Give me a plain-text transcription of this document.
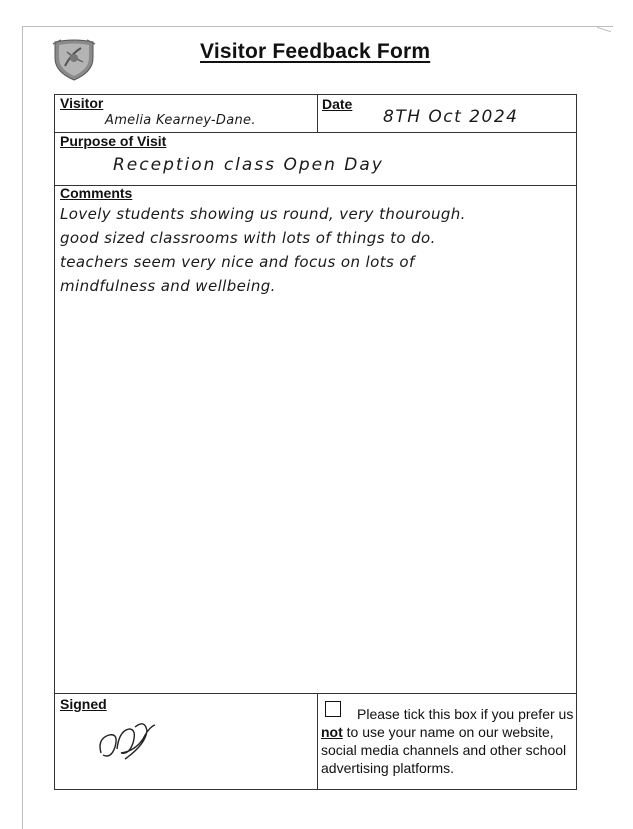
Visitor Feedback Form
Visitor
Amelia Kearney-Dane.
Date
8TH Oct 2024
Purpose of Visit
Reception class Open Day
Comments
Lovely students showing us round, very thourough.
good sized classrooms with lots of things to do.
teachers seem very nice and focus on lots of
mindfulness and wellbeing.
Signed
Please tick this box if you prefer us not to use your name on our website, social media channels and other school advertising platforms.
